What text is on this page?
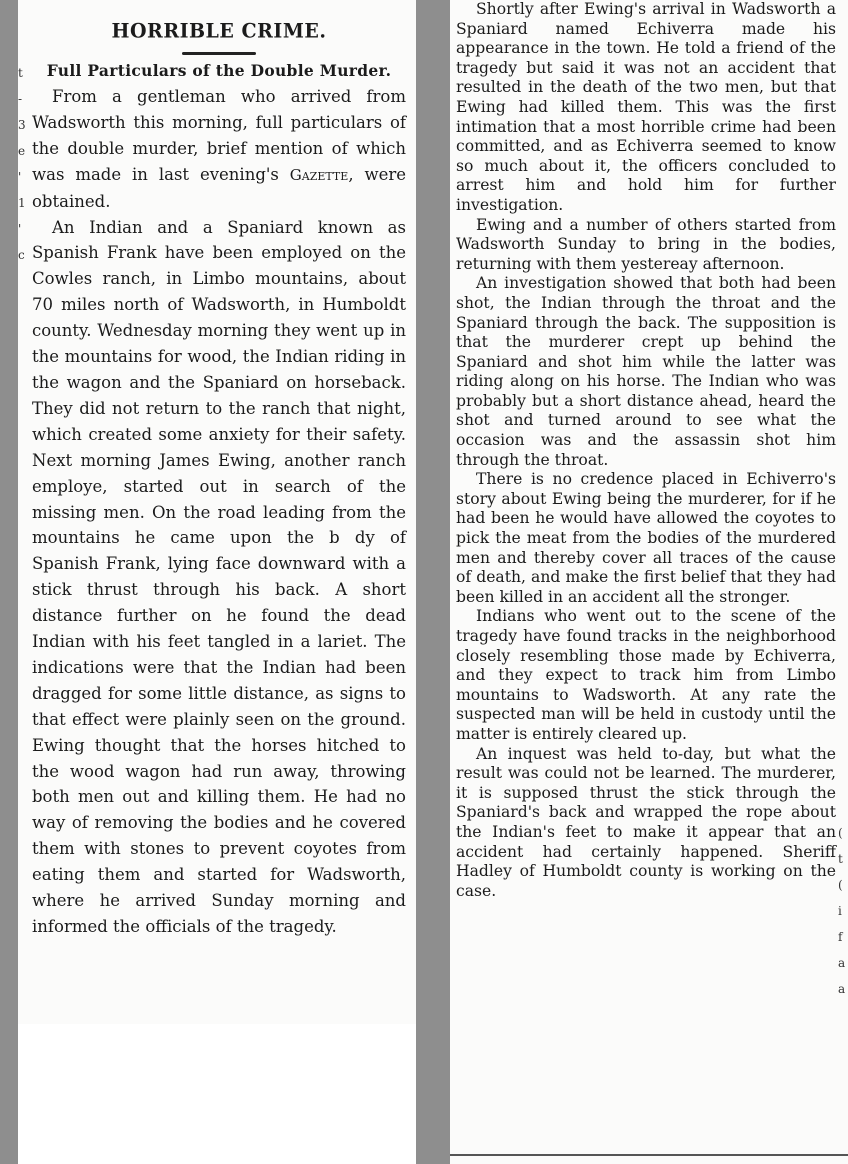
t
-
3
e
'
1
'
c
HORRIBLE CRIME.
Full Particulars of the Double Murder.

From a gentleman who arrived from Wadsworth this morning, full particulars of the double murder, brief mention of which was made in last evening's Gazette, were obtained.

An Indian and a Spaniard known as Spanish Frank have been employed on the Cowles ranch, in Limbo mountains, about 70 miles north of Wadsworth, in Humboldt county. Wednesday morning they went up in the mountains for wood, the Indian riding in the wagon and the Spaniard on horseback. They did not return to the ranch that night, which created some anxiety for their safety. Next morning James Ewing, another ranch employe, started out in search of the missing men. On the road leading from the mountains he came upon the b dy of Spanish Frank, lying face downward with a stick thrust through his back. A short distance further on he found the dead Indian with his feet tangled in a lariet. The indications were that the Indian had been dragged for some little distance, as signs to that effect were plainly seen on the ground. Ewing thought that the horses hitched to the wood wagon had run away, throwing both men out and killing them. He had no way of removing the bodies and he covered them with stones to prevent coyotes from eating them and started for Wadsworth, where he arrived Sunday morning and informed the officials of the tragedy.

Shortly after Ewing's arrival in Wadsworth a Spaniard named Echiverra made his appearance in the town. He told a friend of the tragedy but said it was not an accident that resulted in the death of the two men, but that Ewing had killed them. This was the first intimation that a most horrible crime had been committed, and as Echiverra seemed to know so much about it, the officers concluded to arrest him and hold him for further investigation.

Ewing and a number of others started from Wadsworth Sunday to bring in the bodies, returning with them yestereay afternoon.

An investigation showed that both had been shot, the Indian through the throat and the Spaniard through the back. The supposition is that the murderer crept up behind the Spaniard and shot him while the latter was riding along on his horse. The Indian who was probably but a short distance ahead, heard the shot and turned around to see what the occasion was and the assassin shot him through the throat.

There is no credence placed in Echiverro's story about Ewing being the murderer, for if he had been he would have allowed the coyotes to pick the meat from the bodies of the murdered men and thereby cover all traces of the cause of death, and make the first belief that they had been killed in an accident all the stronger.

Indians who went out to the scene of the tragedy have found tracks in the neighborhood closely resembling those made by Echiverra, and they expect to track him from Limbo mountains to Wadsworth. At any rate the suspected man will be held in custody until the matter is entirely cleared up.

An inquest was held to-day, but what the result was could not be learned. The murderer, it is supposed thrust the stick through the Spaniard's back and wrapped the rope about the Indian's feet to make it appear that an accident had certainly happened. Sheriff Hadley of Humboldt county is working on the case.

(
t
(
i
f
a
a
